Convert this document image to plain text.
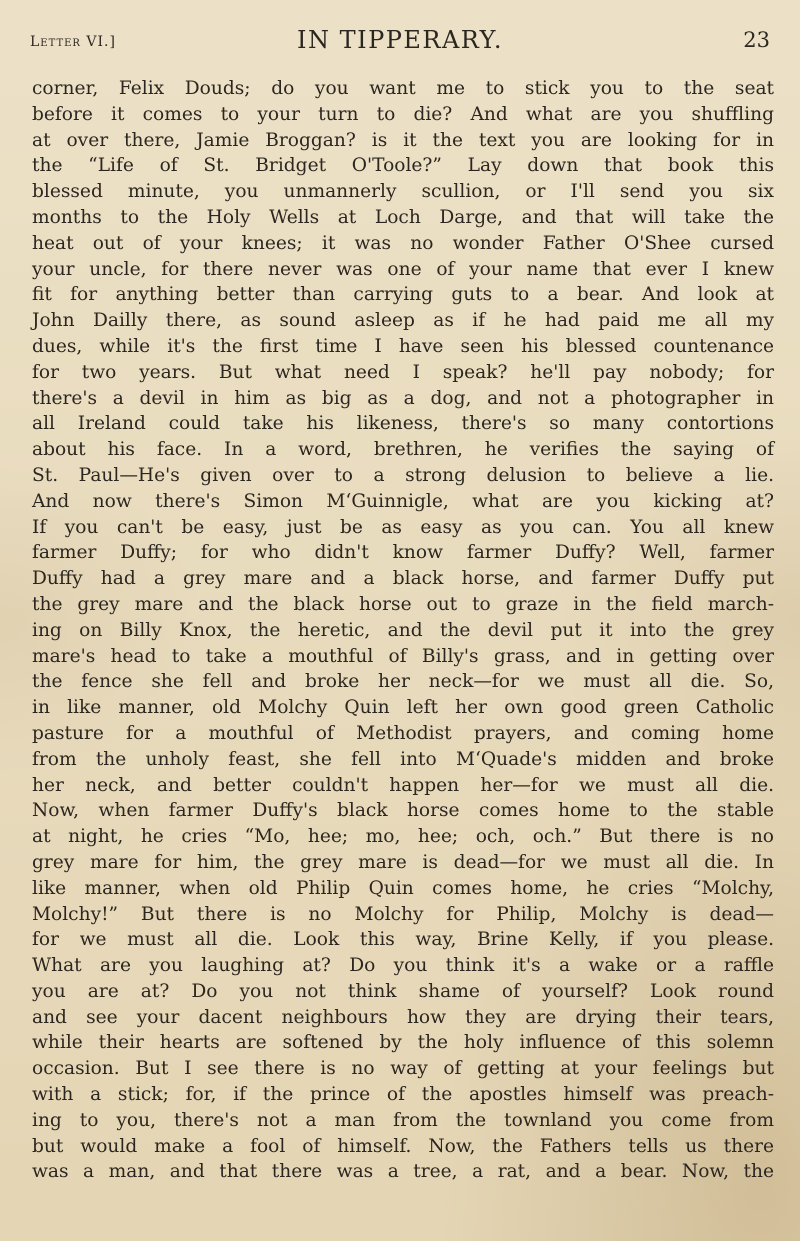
Letter VI.]	IN TIPPERARY.	23
corner, Felix Douds; do you want me to stick you to the seat
before it comes to your turn to die? And what are you shuffling
at over there, Jamie Broggan? is it the text you are looking for in
the “Life of St. Bridget O'Toole?” Lay down that book this
blessed minute, you unmannerly scullion, or I'll send you six
months to the Holy Wells at Loch Darge, and that will take the
heat out of your knees; it was no wonder Father O'Shee cursed
your uncle, for there never was one of your name that ever I knew
fit for anything better than carrying guts to a bear. And look at
John Dailly there, as sound asleep as if he had paid me all my
dues, while it's the first time I have seen his blessed countenance
for two years. But what need I speak? he'll pay nobody; for
there's a devil in him as big as a dog, and not a photographer in
all Ireland could take his likeness, there's so many contortions
about his face. In a word, brethren, he verifies the saying of
St. Paul—He's given over to a strong delusion to believe a lie.
And now there's Simon M‘Guinnigle, what are you kicking at?
If you can't be easy, just be as easy as you can. You all knew
farmer Duffy; for who didn't know farmer Duffy? Well, farmer
Duffy had a grey mare and a black horse, and farmer Duffy put
the grey mare and the black horse out to graze in the field march-
ing on Billy Knox, the heretic, and the devil put it into the grey
mare's head to take a mouthful of Billy's grass, and in getting over
the fence she fell and broke her neck—for we must all die. So,
in like manner, old Molchy Quin left her own good green Catholic
pasture for a mouthful of Methodist prayers, and coming home
from the unholy feast, she fell into M‘Quade's midden and broke
her neck, and better couldn't happen her—for we must all die.
Now, when farmer Duffy's black horse comes home to the stable
at night, he cries “Mo, hee; mo, hee; och, och.” But there is no
grey mare for him, the grey mare is dead—for we must all die. In
like manner, when old Philip Quin comes home, he cries “Molchy,
Molchy!” But there is no Molchy for Philip, Molchy is dead—
for we must all die. Look this way, Brine Kelly, if you please.
What are you laughing at? Do you think it's a wake or a raffle
you are at? Do you not think shame of yourself? Look round
and see your dacent neighbours how they are drying their tears,
while their hearts are softened by the holy influence of this solemn
occasion. But I see there is no way of getting at your feelings but
with a stick; for, if the prince of the apostles himself was preach-
ing to you, there's not a man from the townland you come from
but would make a fool of himself. Now, the Fathers tells us there
was a man, and that there was a tree, a rat, and a bear. Now, the
